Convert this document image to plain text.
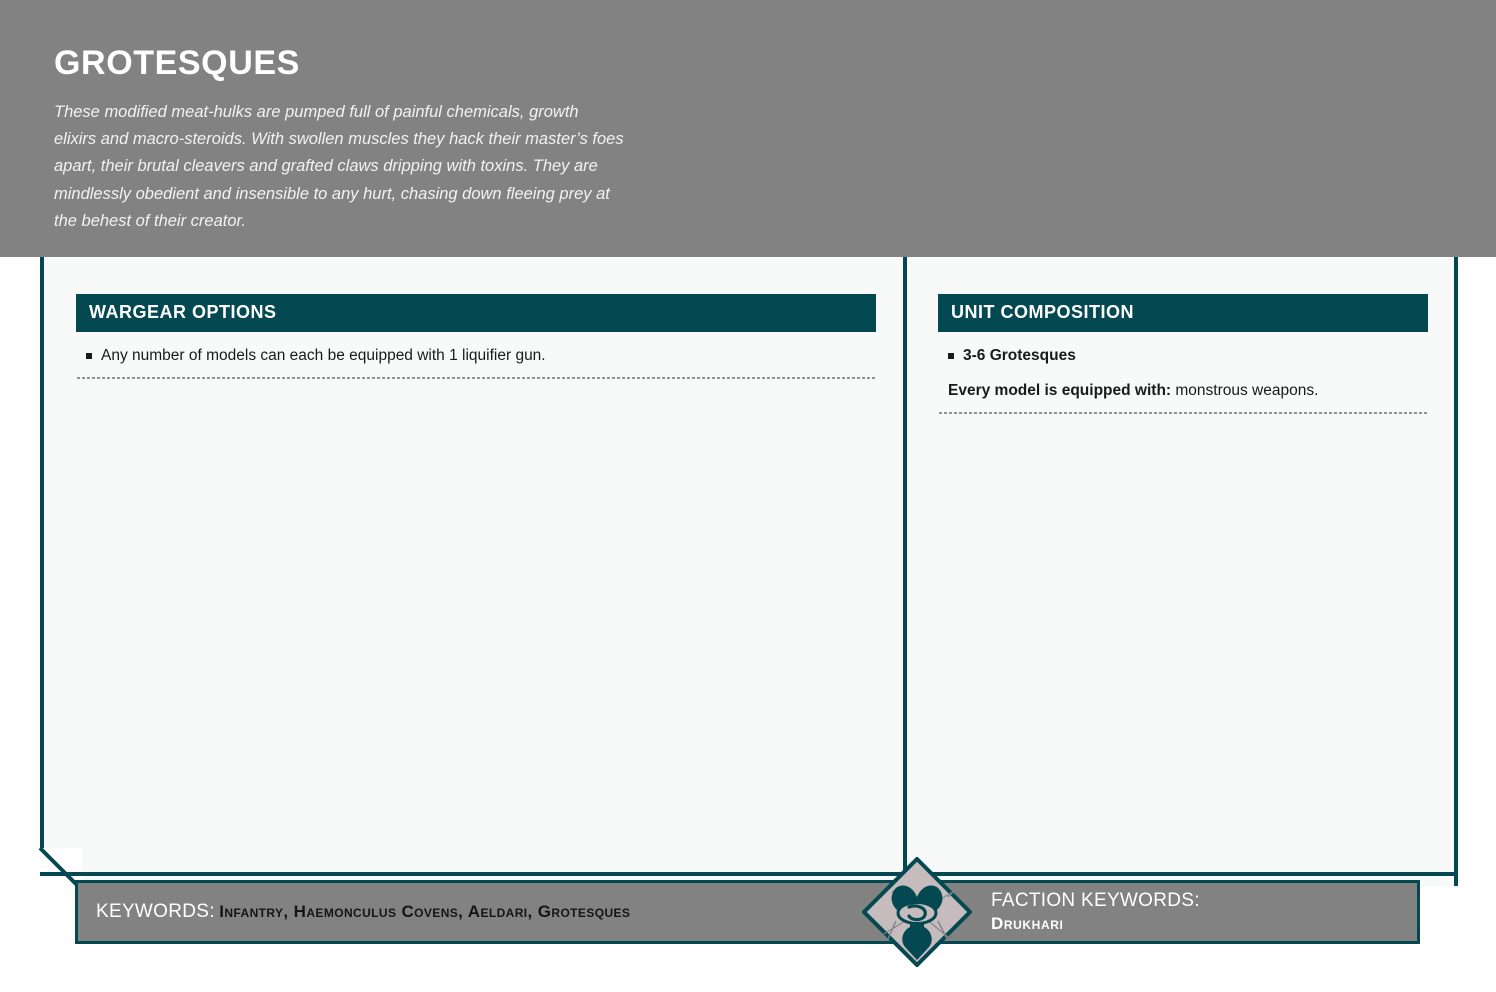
GROTESQUES
These modified meat-hulks are pumped full of painful chemicals, growth elixirs and macro-steroids. With swollen muscles they hack their master’s foes apart, their brutal cleavers and grafted claws dripping with toxins. They are mindlessly obedient and insensible to any hurt, chasing down fleeing prey at the behest of their creator.
WARGEAR OPTIONS
Any number of models can each be equipped with 1 liquifier gun.
UNIT COMPOSITION
3-6 Grotesques
Every model is equipped with: monstrous weapons.
KEYWORDS: Infantry, Haemonculus Covens, Aeldari, Grotesques
FACTION KEYWORDS:
Drukhari
